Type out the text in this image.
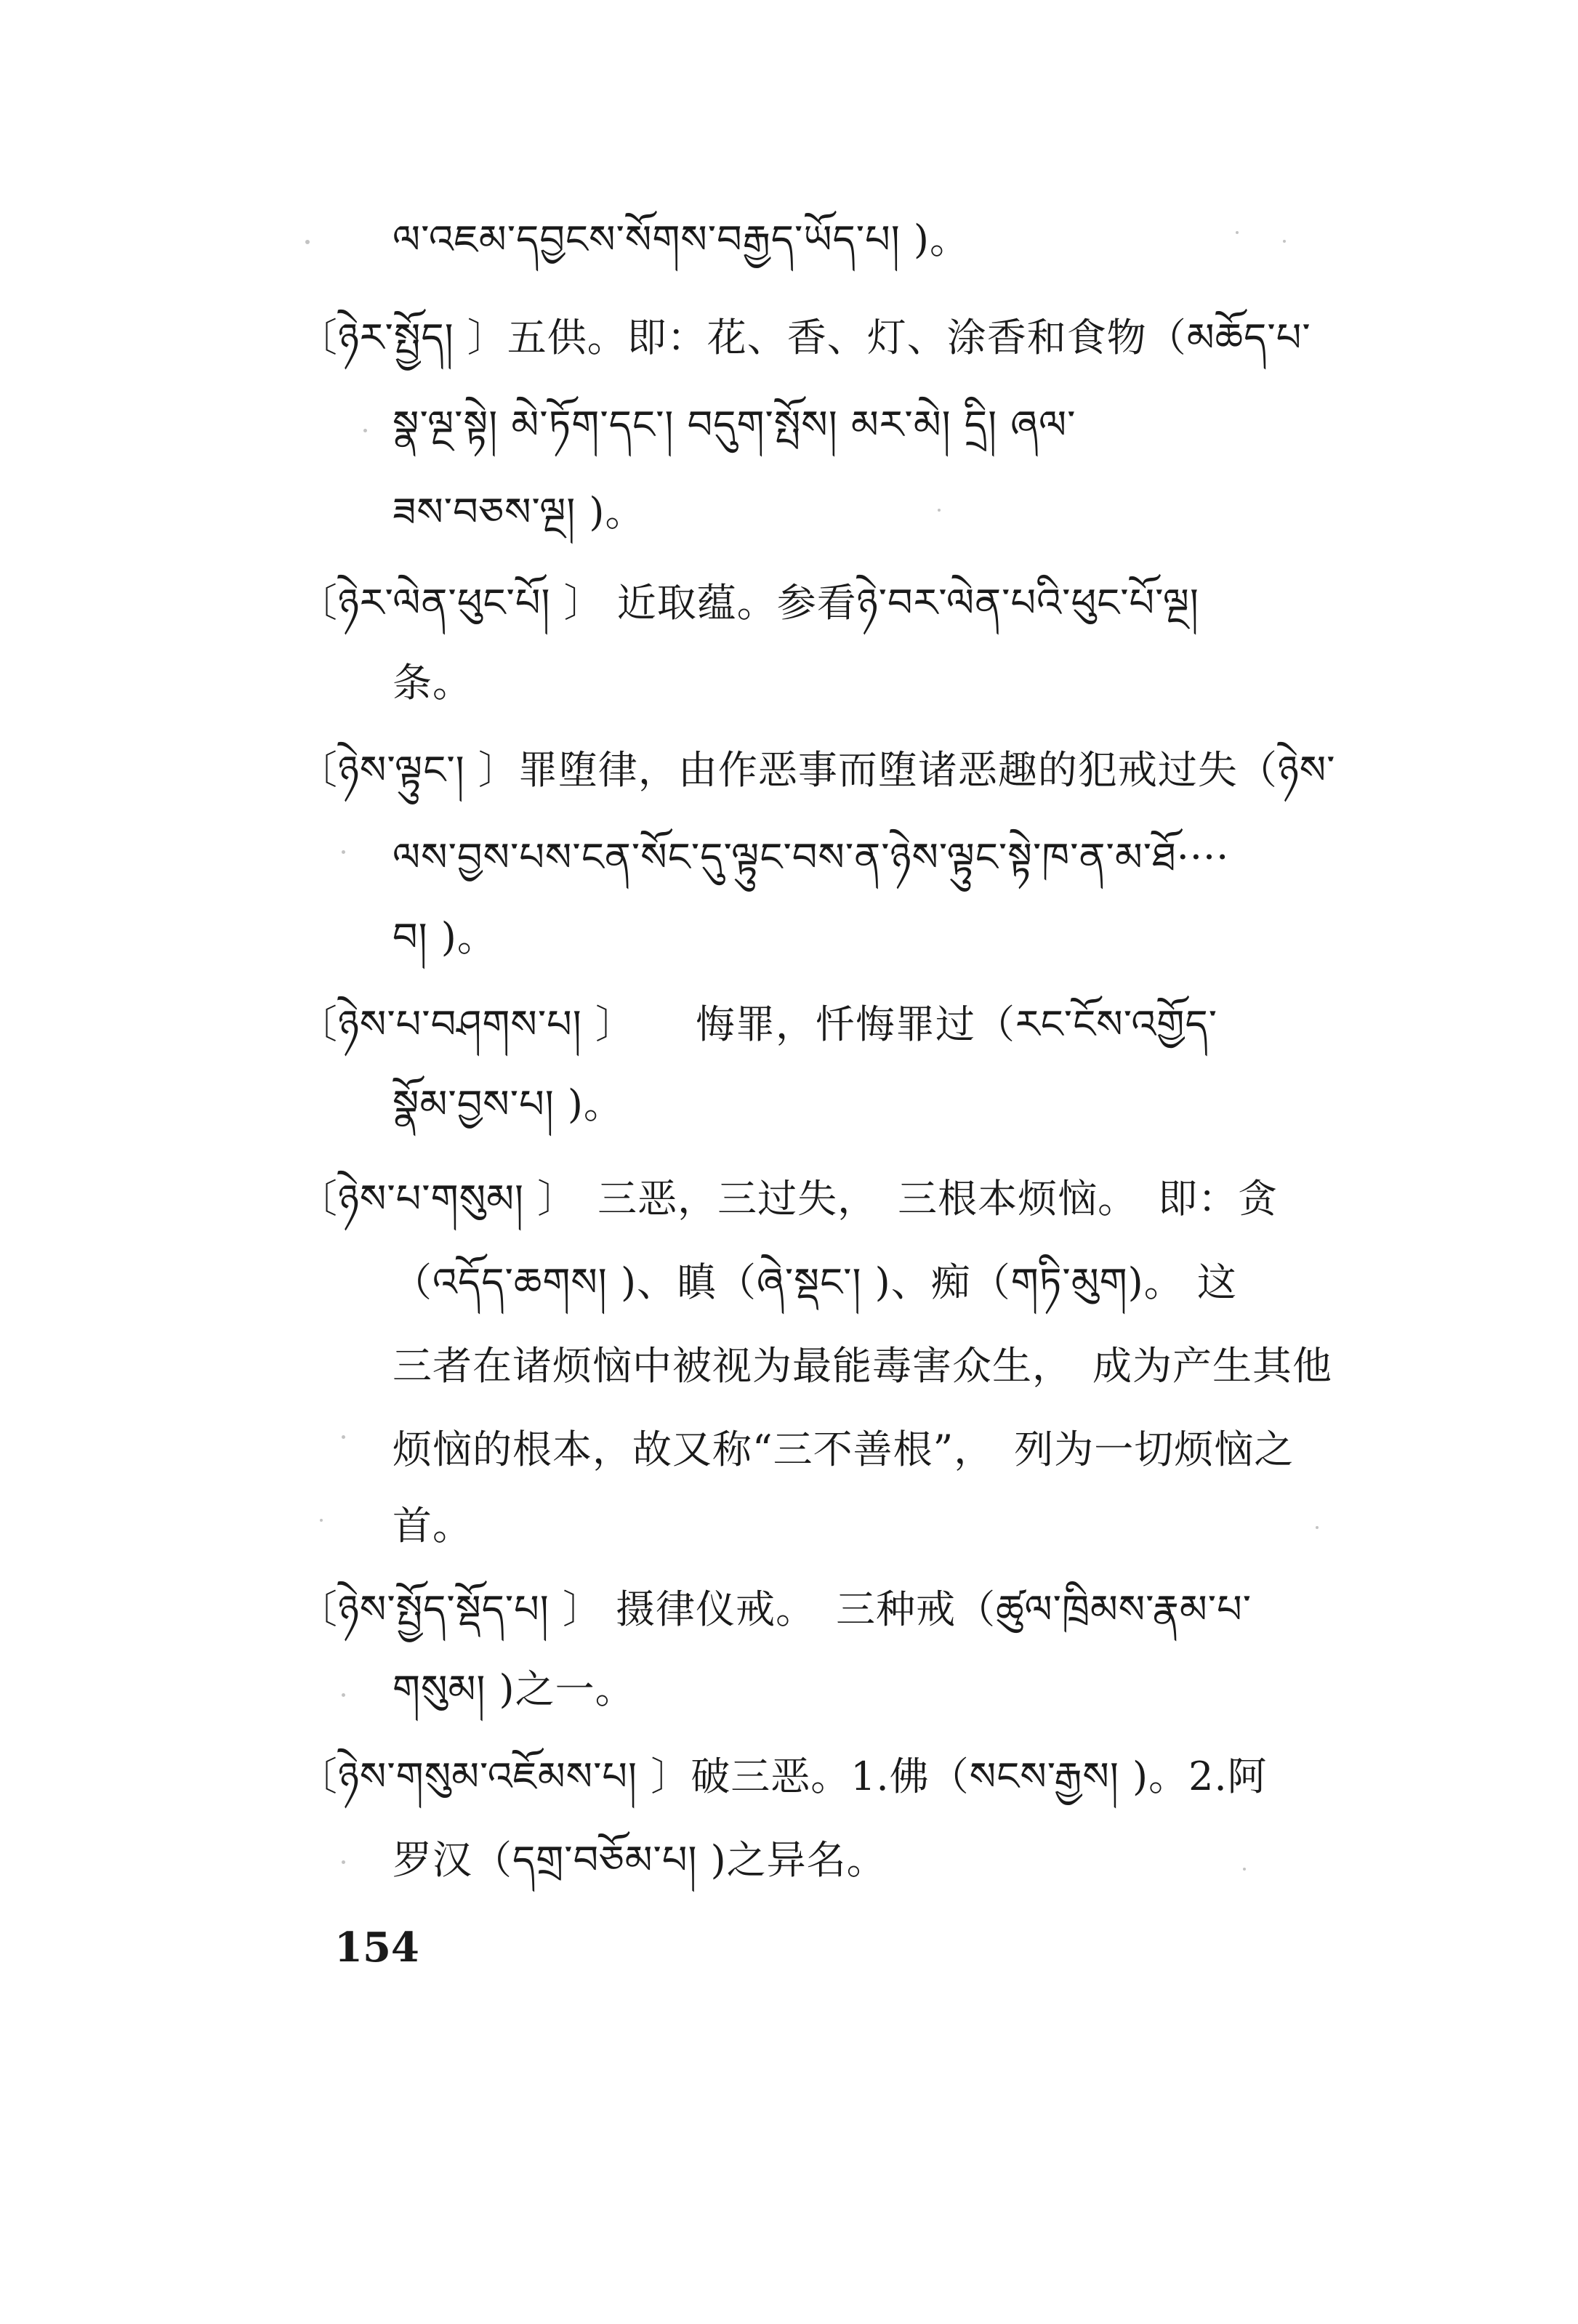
ལ་འཇམ་དབྱངས་སོགས་བརྒྱད་ཡོད་པ། )。
〔ཉེར་སྤྱོད། 〕五供。即：花、香、灯、涂香和食物（མཆོད་པ་
སྣ་ལྔ་སྟེ། མེ་ཏོག་དང་། བདུག་སྤོས། མར་མེ། དྲི། ཞལ་
ཟས་བཅས་ལྔ། )。
〔ཉེར་ལེན་ཕུང་པོ། 〕 近取蕴。参看ཉེ་བར་ལེན་པའི་ཕུང་པོ་ལྔ།
条。
〔ཉེས་ལྟུང་། 〕罪堕律，由作恶事而堕诸恶趣的犯戒过失（ཉེས་
ལས་བྱས་པས་ངན་སོང་དུ་ལྟུང་བས་ན་ཉེས་ལྟུང་སྟེ་ཁ་ན་མ་ཐོ····
བ། )。
〔ཉེས་པ་བཤགས་པ། 〕　　悔罪，忏悔罪过（རང་ངོས་འགྱོད་
སྣོམ་བྱས་པ། )。
〔ཉེས་པ་གསུམ། 〕　三恶，三过失，　三根本烦恼。　即：贪
（འདོད་ཆགས། )、瞋（ཞེ་སྡང་། )、痴（གཏི་མུག)。 这
三者在诸烦恼中被视为最能毒害众生，　成为产生其他
烦恼的根本，故又称“三不善根”，　列为一切烦恼之
首。
〔ཉེས་སྤྱོད་སྡོད་པ། 〕 摄律仪戒。　三种戒（ཚུལ་ཁྲིམས་རྣམ་པ་
གསུམ། )之一。
〔ཉེས་གསུམ་འཇོམས་པ། 〕破三恶。1.佛（སངས་རྒྱས། )。2.阿
罗汉（དགྲ་བཅོམ་པ། )之异名。
154
